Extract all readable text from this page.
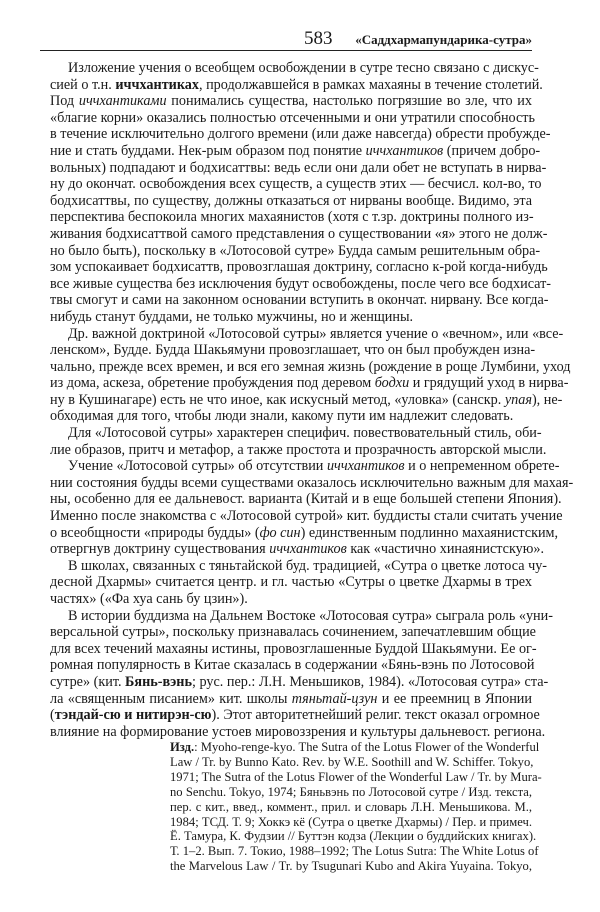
583 «Саддхармапундарика-сутра»
Изложение учения о всеобщем освобождении в сутре тесно связано с дискус-
сией о т.н. иччхантиках, продолжавшейся в рамках махаяны в течение столетий.
Под иччхантиками понимались существа, настолько погрязшие во зле, что их
«благие корни» оказались полностью отсеченными и они утратили способность
в течение исключительно долгого времени (или даже навсегда) обрести пробужде-
ние и стать буддами. Нек-рым образом под понятие иччхантиков (причем добро-
вольных) подпадают и бодхисаттвы: ведь если они дали обет не вступать в нирва-
ну до окончат. освобождения всех существ, а существ этих — бесчисл. кол-во, то
бодхисаттвы, по существу, должны отказаться от нирваны вообще. Видимо, эта
перспектива беспокоила многих махаянистов (хотя с т.зр. доктрины полного из-
живания бодхисаттвой самого представления о существовании «я» этого не долж-
но было быть), поскольку в «Лотосовой сутре» Будда самым решительным обра-
зом успокаивает бодхисаттв, провозглашая доктрину, согласно к-рой когда-нибудь
все живые существа без исключения будут освобождены, после чего все бодхисат-
твы смогут и сами на законном основании вступить в окончат. нирвану. Все когда-
нибудь станут буддами, не только мужчины, но и женщины.
Др. важной доктриной «Лотосовой сутры» является учение о «вечном», или «все-
ленском», Будде. Будда Шакьямуни провозглашает, что он был пробужден изна-
чально, прежде всех времен, и вся его земная жизнь (рождение в роще Лумбини, уход
из дома, аскеза, обретение пробуждения под деревом бодхи и грядущий уход в нирва-
ну в Кушинагаре) есть не что иное, как искусный метод, «уловка» (санскр. упая), не-
обходимая для того, чтобы люди знали, какому пути им надлежит следовать.
Для «Лотосовой сутры» характерен специфич. повествовательный стиль, оби-
лие образов, притч и метафор, а также простота и прозрачность авторской мысли.
Учение «Лотосовой сутры» об отсутствии иччхантиков и о непременном обрете-
нии состояния будды всеми существами оказалось исключительно важным для махая-
ны, особенно для ее дальневост. варианта (Китай и в еще большей степени Япония).
Именно после знакомства с «Лотосовой сутрой» кит. буддисты стали считать учение
о всеобщности «природы будды» (фо син) единственным подлинно махаянистским,
отвергнув доктрину существования иччхантиков как «частично хинаянистскую».
В школах, связанных с тяньтайской буд. традицией, «Сутра о цветке лотоса чу-
десной Дхармы» считается центр. и гл. частью «Сутры о цветке Дхармы в трех
частях» («Фа хуа сань бу цзин»).
В истории буддизма на Дальнем Востоке «Лотосовая сутра» сыграла роль «уни-
версальной сутры», поскольку признавалась сочинением, запечатлевшим общие
для всех течений махаяны истины, провозглашенные Буддой Шакьямуни. Ее ог-
ромная популярность в Китае сказалась в содержании «Бянь-вэнь по Лотосовой
сутре» (кит. Бянь-вэнь; рус. пер.: Л.Н. Меньшиков, 1984). «Лотосовая сутра» ста-
ла «священным писанием» кит. школы тяньтай-цзун и ее преемниц в Японии
(тэндай-сю и нитирэн-сю). Этот авторитетнейший религ. текст оказал огромное
влияние на формирование устоев мировоззрения и культуры дальневост. региона.
Изд.: Myoho-renge-kyo. The Sutra of the Lotus Flower of the Wonderful
Law / Tr. by Bunno Kato. Rev. by W.E. Soothill and W. Schiffer. Tokyo,
1971; The Sutra of the Lotus Flower of the Wonderful Law / Tr. by Mura-
no Senchu. Tokyo, 1974; Бяньвэнь по Лотосовой сутре / Изд. текста,
пер. с кит., введ., коммент., прил. и словарь Л.Н. Меньшикова. М.,
1984; ТСД. Т. 9; Хоккэ кё (Сутра о цветке Дхармы) / Пер. и примеч.
Ё. Тамура, К. Фудзии // Буттэн кодза (Лекции о буддийских книгах).
Т. 1–2. Вып. 7. Токио, 1988–1992; The Lotus Sutra: The White Lotus of
the Marvelous Law / Tr. by Tsugunari Kubo and Akira Yuyaina. Tokyo,
